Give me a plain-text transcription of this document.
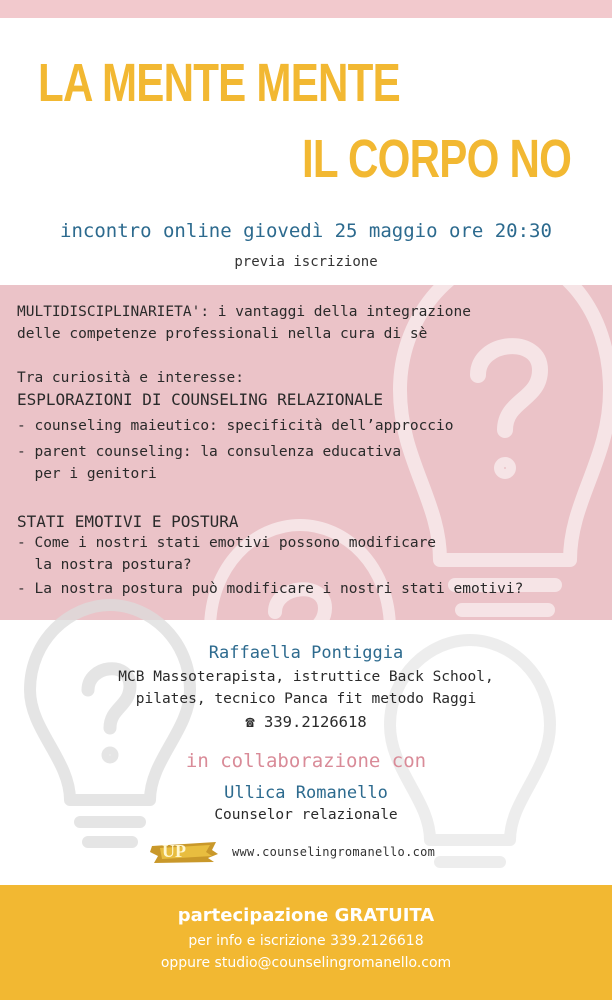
LA MENTE MENTE
IL CORPO NO
incontro online giovedì 25 maggio ore 20:30
previa iscrizione
MULTIDISCIPLINARIETA': i vantaggi della integrazione
delle competenze professionali nella cura di sè
Tra curiosità e interesse:
ESPLORAZIONI DI COUNSELING RELAZIONALE
- counseling maieutico: specificità dell’approccio
- parent counseling: la consulenza educativa
per i genitori
STATI EMOTIVI E POSTURA
- Come i nostri stati emotivi possono modificare
la nostra postura?
- La nostra postura può modificare i nostri stati emotivi?
Raffaella Pontiggia
MCB Massoterapista, istruttice Back School,
pilates, tecnico Panca fit metodo Raggi
☎ 339.2126618
in collaborazione con
Ullica Romanello
Counselor relazionale
UP	www.counselingromanello.com
partecipazione GRATUITA
per info e iscrizione 339.2126618
oppure studio@counselingromanello.com
